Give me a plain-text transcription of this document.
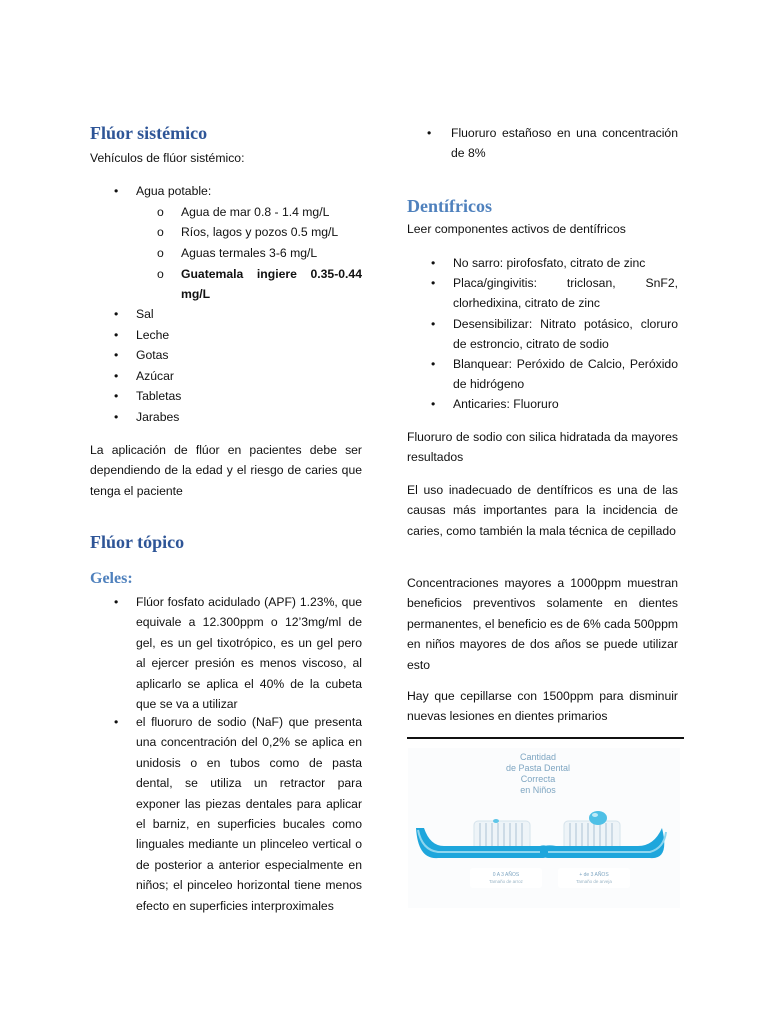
Flúor sistémico

Vehículos de flúor sistémico:

•	Agua potable:
o	Agua de mar 0.8 - 1.4 mg/L
o	Ríos, lagos y pozos 0.5 mg/L
o	Aguas termales 3-6 mg/L
o	Guatemala ingiere 0.35-0.44 mg/L
•	Sal
•	Leche
•	Gotas
•	Azúcar
•	Tabletas
•	Jarabes

La aplicación de flúor en pacientes debe ser dependiendo de la edad y el riesgo de caries que tenga el paciente

Flúor tópico
Geles:
•	Flúor fosfato acidulado (APF) 1.23%, que equivale a 12.300ppm o 12’3mg/ml de gel, es un gel tixotrópico, es un gel pero al ejercer presión es menos viscoso, al aplicarlo se aplica el 40% de la cubeta que se va a utilizar
•	el fluoruro de sodio (NaF) que presenta una concentración del 0,2% se aplica en unidosis o en tubos como de pasta dental, se utiliza un retractor para exponer las piezas dentales para aplicar el barniz, en superficies bucales como linguales mediante un plinceleo vertical o de posterior a anterior especialmente en niños; el pinceleo horizontal tiene menos efecto en superficies interproximales
•	Fluoruro estañoso en una concentración de 8%
Dentífricos

Leer componentes activos de dentífricos

•	No sarro: pirofosfato, citrato de zinc
•	Placa/gingivitis: triclosan, SnF2, clorhedixina, citrato de zinc
•	Desensibilizar: Nitrato potásico, cloruro de estroncio, citrato de sodio
•	Blanquear: Peróxido de Calcio, Peróxido de hidrógeno
•	Anticaries: Fluoruro

Fluoruro de sodio con silica hidratada da mayores resultados

El uso inadecuado de dentífricos es una de las causas más importantes para la incidencia de caries, como también la mala técnica de cepillado

Concentraciones mayores a 1000ppm muestran beneficios preventivos solamente en dientes permanentes, el beneficio es de 6% cada 500ppm en niños mayores de dos años se puede utilizar esto

Hay que cepillarse con 1500ppm para disminuir nuevas lesiones en dientes primarios

Cantidad
de Pasta Dental
Correcta
en Niños
0 A 3 AÑOS
Tamaño de arroz
+ de 3 AÑOS
Tamaño de arveja
